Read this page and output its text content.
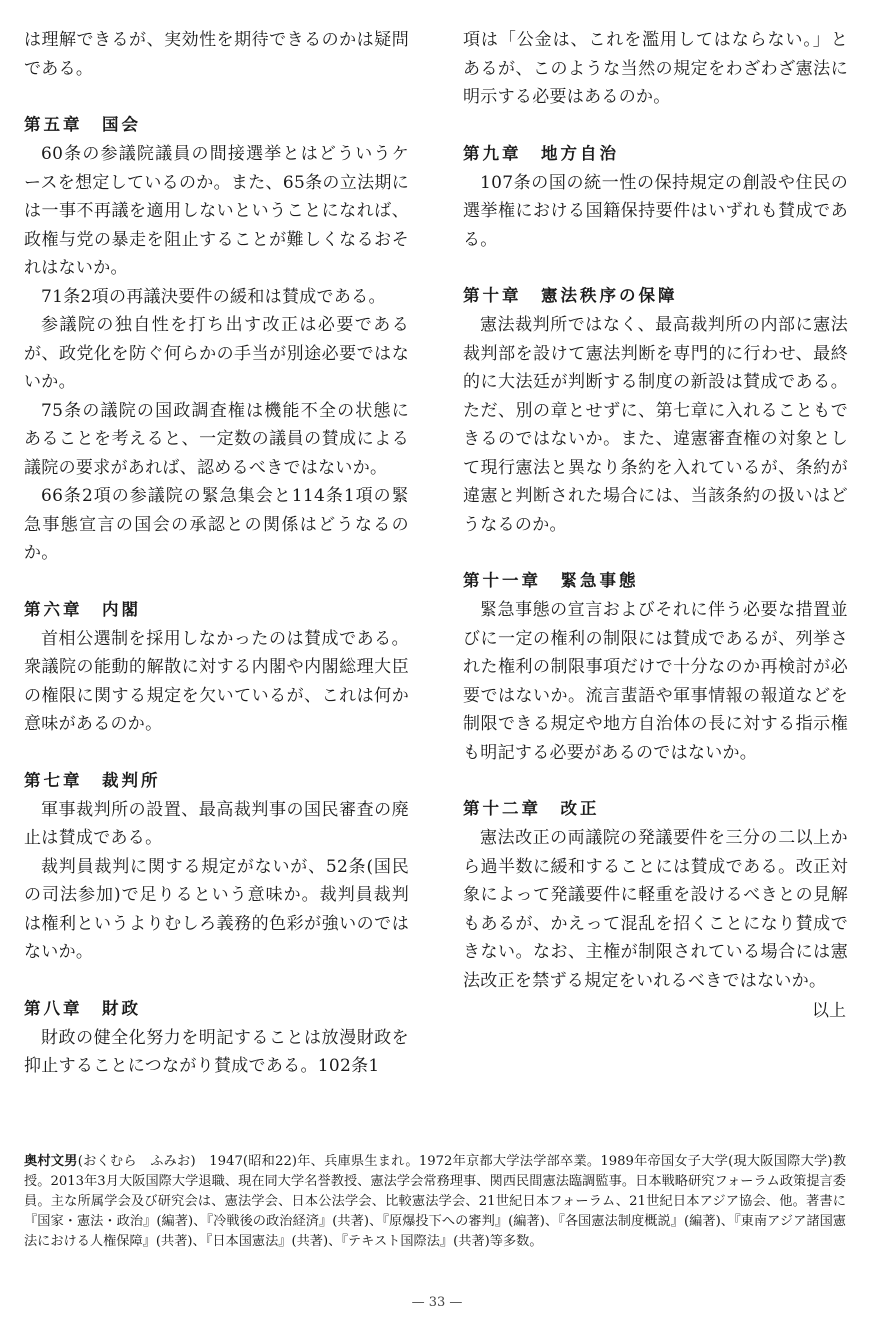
は理解できるが、実効性を期待できるのかは疑問である。

第五章　国会

60条の参議院議員の間接選挙とはどういうケースを想定しているのか。また、65条の立法期には一事不再議を適用しないということになれば、政権与党の暴走を阻止することが難しくなるおそれはないか。

71条2項の再議決要件の緩和は賛成である。

参議院の独自性を打ち出す改正は必要であるが、政党化を防ぐ何らかの手当が別途必要ではないか。

75条の議院の国政調査権は機能不全の状態にあることを考えると、一定数の議員の賛成による議院の要求があれば、認めるべきではないか。

66条2項の参議院の緊急集会と114条1項の緊急事態宣言の国会の承認との関係はどうなるのか。

第六章　内閣

首相公選制を採用しなかったのは賛成である。衆議院の能動的解散に対する内閣や内閣総理大臣の権限に関する規定を欠いているが、これは何か意味があるのか。

第七章　裁判所

軍事裁判所の設置、最高裁判事の国民審査の廃止は賛成である。

裁判員裁判に関する規定がないが、52条(国民の司法参加)で足りるという意味か。裁判員裁判は権利というよりむしろ義務的色彩が強いのではないか。

第八章　財政

財政の健全化努力を明記することは放漫財政を抑止することにつながり賛成である。102条1

項は「公金は、これを濫用してはならない。」とあるが、このような当然の規定をわざわざ憲法に明示する必要はあるのか。

第九章　地方自治

107条の国の統一性の保持規定の創設や住民の選挙権における国籍保持要件はいずれも賛成である。

第十章　憲法秩序の保障

憲法裁判所ではなく、最高裁判所の内部に憲法裁判部を設けて憲法判断を専門的に行わせ、最終的に大法廷が判断する制度の新設は賛成である。ただ、別の章とせずに、第七章に入れることもできるのではないか。また、違憲審査権の対象として現行憲法と異なり条約を入れているが、条約が違憲と判断された場合には、当該条約の扱いはどうなるのか。

第十一章　緊急事態

緊急事態の宣言およびそれに伴う必要な措置並びに一定の権利の制限には賛成であるが、列挙された権利の制限事項だけで十分なのか再検討が必要ではないか。流言蜚語や軍事情報の報道などを制限できる規定や地方自治体の長に対する指示権も明記する必要があるのではないか。

第十二章　改正

憲法改正の両議院の発議要件を三分の二以上から過半数に緩和することには賛成である。改正対象によって発議要件に軽重を設けるべきとの見解もあるが、かえって混乱を招くことになり賛成できない。なお、主権が制限されている場合には憲法改正を禁ずる規定をいれるべきではないか。

以上

奥村文男(おくむら　ふみお)　1947(昭和22)年、兵庫県生まれ。1972年京都大学法学部卒業。1989年帝国女子大学(現大阪国際大学)教授。2013年3月大阪国際大学退職、現在同大学名誉教授、憲法学会常務理事、関西民間憲法臨調監事。日本戦略研究フォーラム政策提言委員。主な所属学会及び研究会は、憲法学会、日本公法学会、比較憲法学会、21世紀日本フォーラム、21世紀日本アジア協会、他。著書に『国家・憲法・政治』(編著)、『冷戦後の政治経済』(共著)、『原爆投下への審判』(編著)、『各国憲法制度概説』(編著)、『東南アジア諸国憲法における人権保障』(共著)、『日本国憲法』(共著)、『テキスト国際法』(共著)等多数。

— 33 —
